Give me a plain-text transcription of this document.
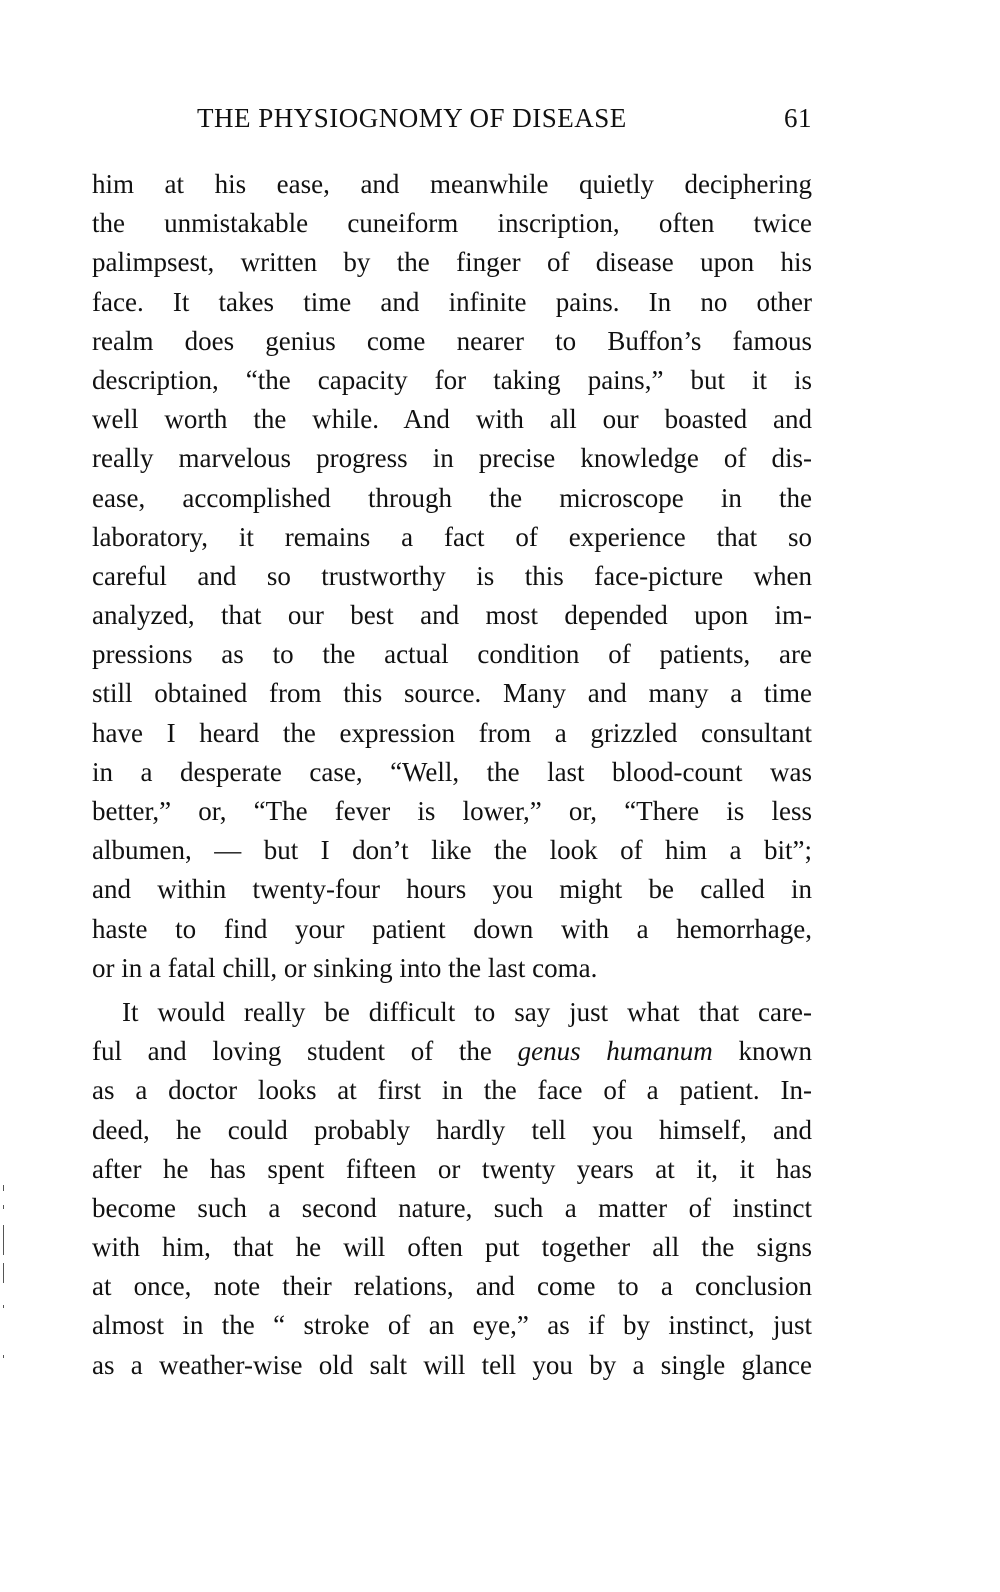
THE PHYSIOGNOMY OF DISEASE	61
him at his ease, and meanwhile quietly deciphering
the unmistakable cuneiform inscription, often twice
palimpsest, written by the finger of disease upon his
face. It takes time and infinite pains. In no other
realm does genius come nearer to Buffon’s famous
description, “the capacity for taking pains,” but it is
well worth the while. And with all our boasted and
really marvelous progress in precise knowledge of dis-
ease, accomplished through the microscope in the
laboratory, it remains a fact of experience that so
careful and so trustworthy is this face-picture when
analyzed, that our best and most depended upon im-
pressions as to the actual condition of patients, are
still obtained from this source. Many and many a time
have I heard the expression from a grizzled consultant
in a desperate case, “Well, the last blood-count was
better,” or, “The fever is lower,” or, “There is less
albumen, — but I don’t like the look of him a bit”;
and within twenty-four hours you might be called in
haste to find your patient down with a hemorrhage,
or in a fatal chill, or sinking into the last coma.
It would really be difficult to say just what that care-
ful and loving student of the genus humanum known
as a doctor looks at first in the face of a patient. In-
deed, he could probably hardly tell you himself, and
after he has spent fifteen or twenty years at it, it has
become such a second nature, such a matter of instinct
with him, that he will often put together all the signs
at once, note their relations, and come to a conclusion
almost in the “ stroke of an eye,” as if by instinct, just
as a weather-wise old salt will tell you by a single glance
